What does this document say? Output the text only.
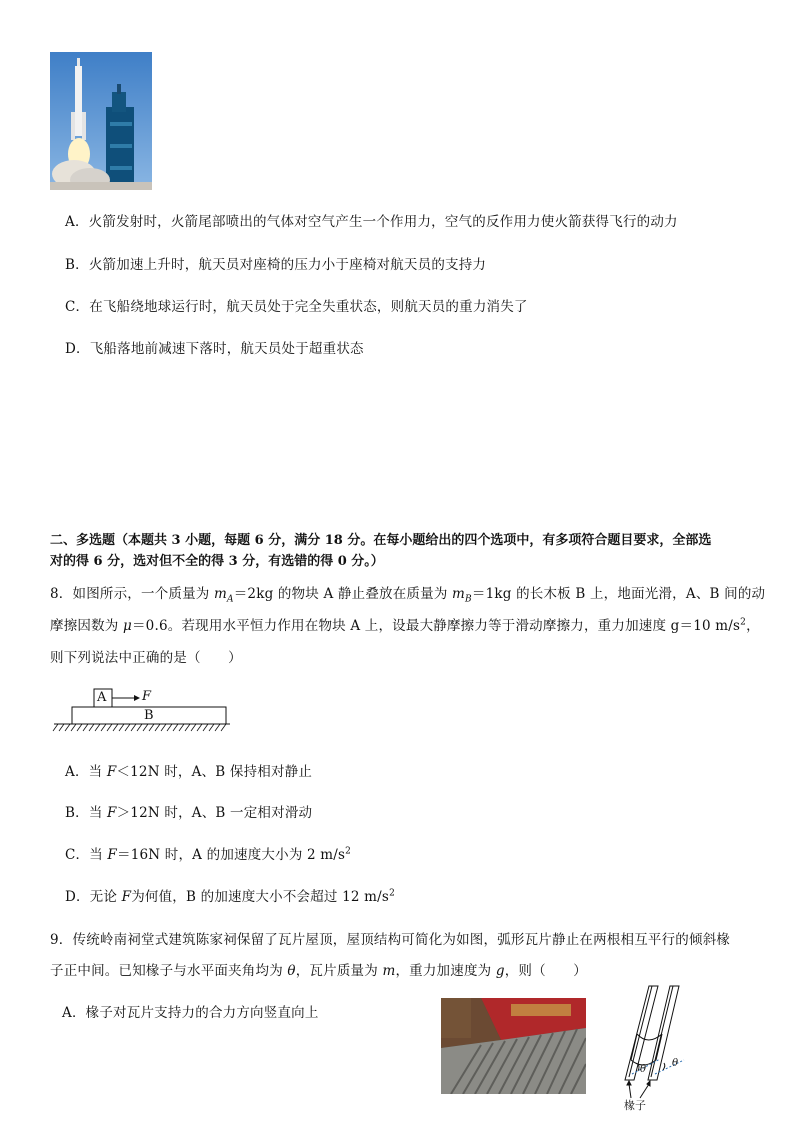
A．火箭发射时，火箭尾部喷出的气体对空气产生一个作用力，空气的反作用力使火箭获得飞行的动力
B．火箭加速上升时，航天员对座椅的压力小于座椅对航天员的支持力
C．在飞船绕地球运行时，航天员处于完全失重状态，则航天员的重力消失了
D．飞船落地前减速下落时，航天员处于超重状态
二、多选题（本题共 3 小题，每题 6 分，满分 18 分。在每小题给出的四个选项中，有多项符合题目要求，全部选
对的得 6 分，选对但不全的得 3 分，有选错的得 0 分。）
8．如图所示，一个质量为 $m_A=2kg$ 的物块 A 静止叠放在质量为 $m_B=1kg$ 的长木板 B 上，地面光滑，A、B 间的动
摩擦因数为 μ＝0.6。若现用水平恒力作用在物块 A 上，设最大静摩擦力等于滑动摩擦力，重力加速度 g＝10 $m/s^2$，
则下列说法中正确的是（　　）
A	F
B
A．当 F＜12N 时，A、B 保持相对静止
B．当 F＞12N 时，A、B 一定相对滑动
C．当 F＝16N 时，A 的加速度大小为 2 $m/s^2$
D．无论 F为何值，B 的加速度大小不会超过 12 $m/s^2$
9．传统岭南祠堂式建筑陈家祠保留了瓦片屋顶，屋顶结构可简化为如图，弧形瓦片静止在两根相互平行的倾斜椽
子正中间。已知椽子与水平面夹角均为 θ，瓦片质量为 m，重力加速度为 g，则（　　）
A．椽子对瓦片支持力的合力方向竖直向上
θ
θ
椽子
